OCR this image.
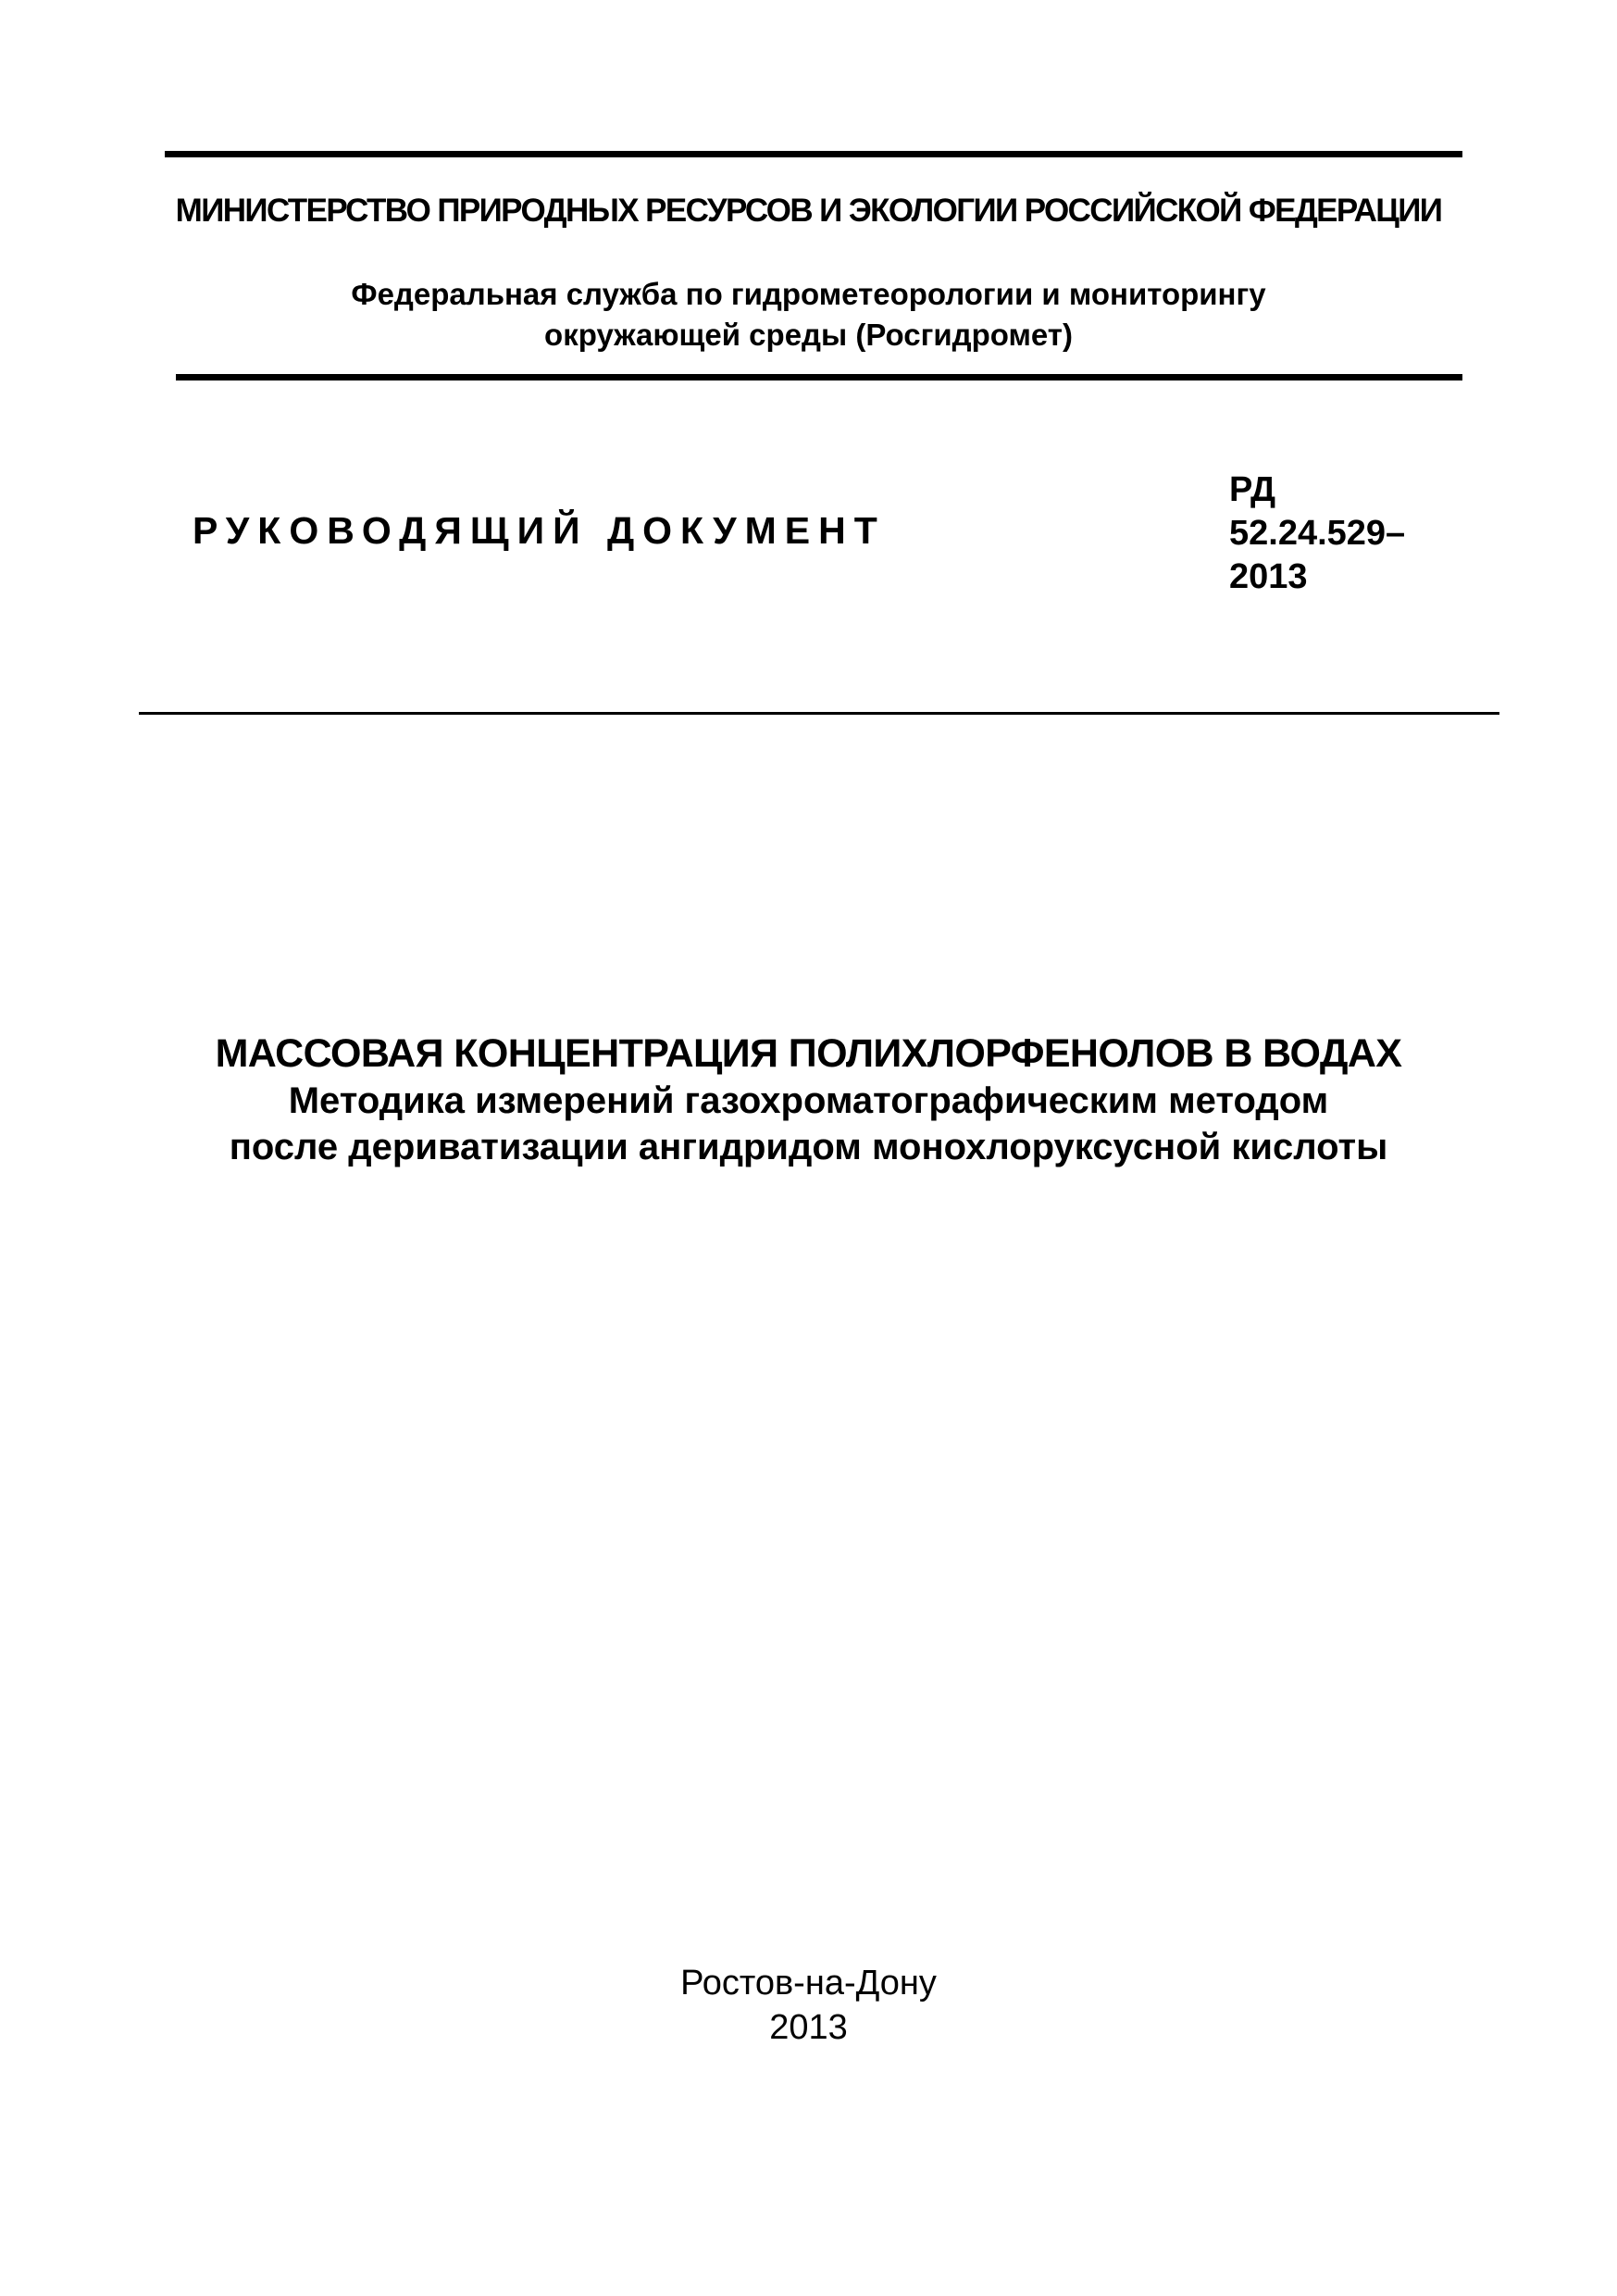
МИНИСТЕРСТВО ПРИРОДНЫХ РЕСУРСОВ И ЭКОЛОГИИ РОССИЙСКОЙ ФЕДЕРАЦИИ
Федеральная служба по гидрометеорологии и мониторингу
окружающей среды (Росгидромет)
РУКОВОДЯЩИЙ ДОКУМЕНТ
РД
52.24.529–
2013
МАССОВАЯ КОНЦЕНТРАЦИЯ ПОЛИХЛОРФЕНОЛОВ В ВОДАХ
Методика измерений газохроматографическим методом
после дериватизации ангидридом монохлоруксусной кислоты
Ростов-на-Дону
2013
